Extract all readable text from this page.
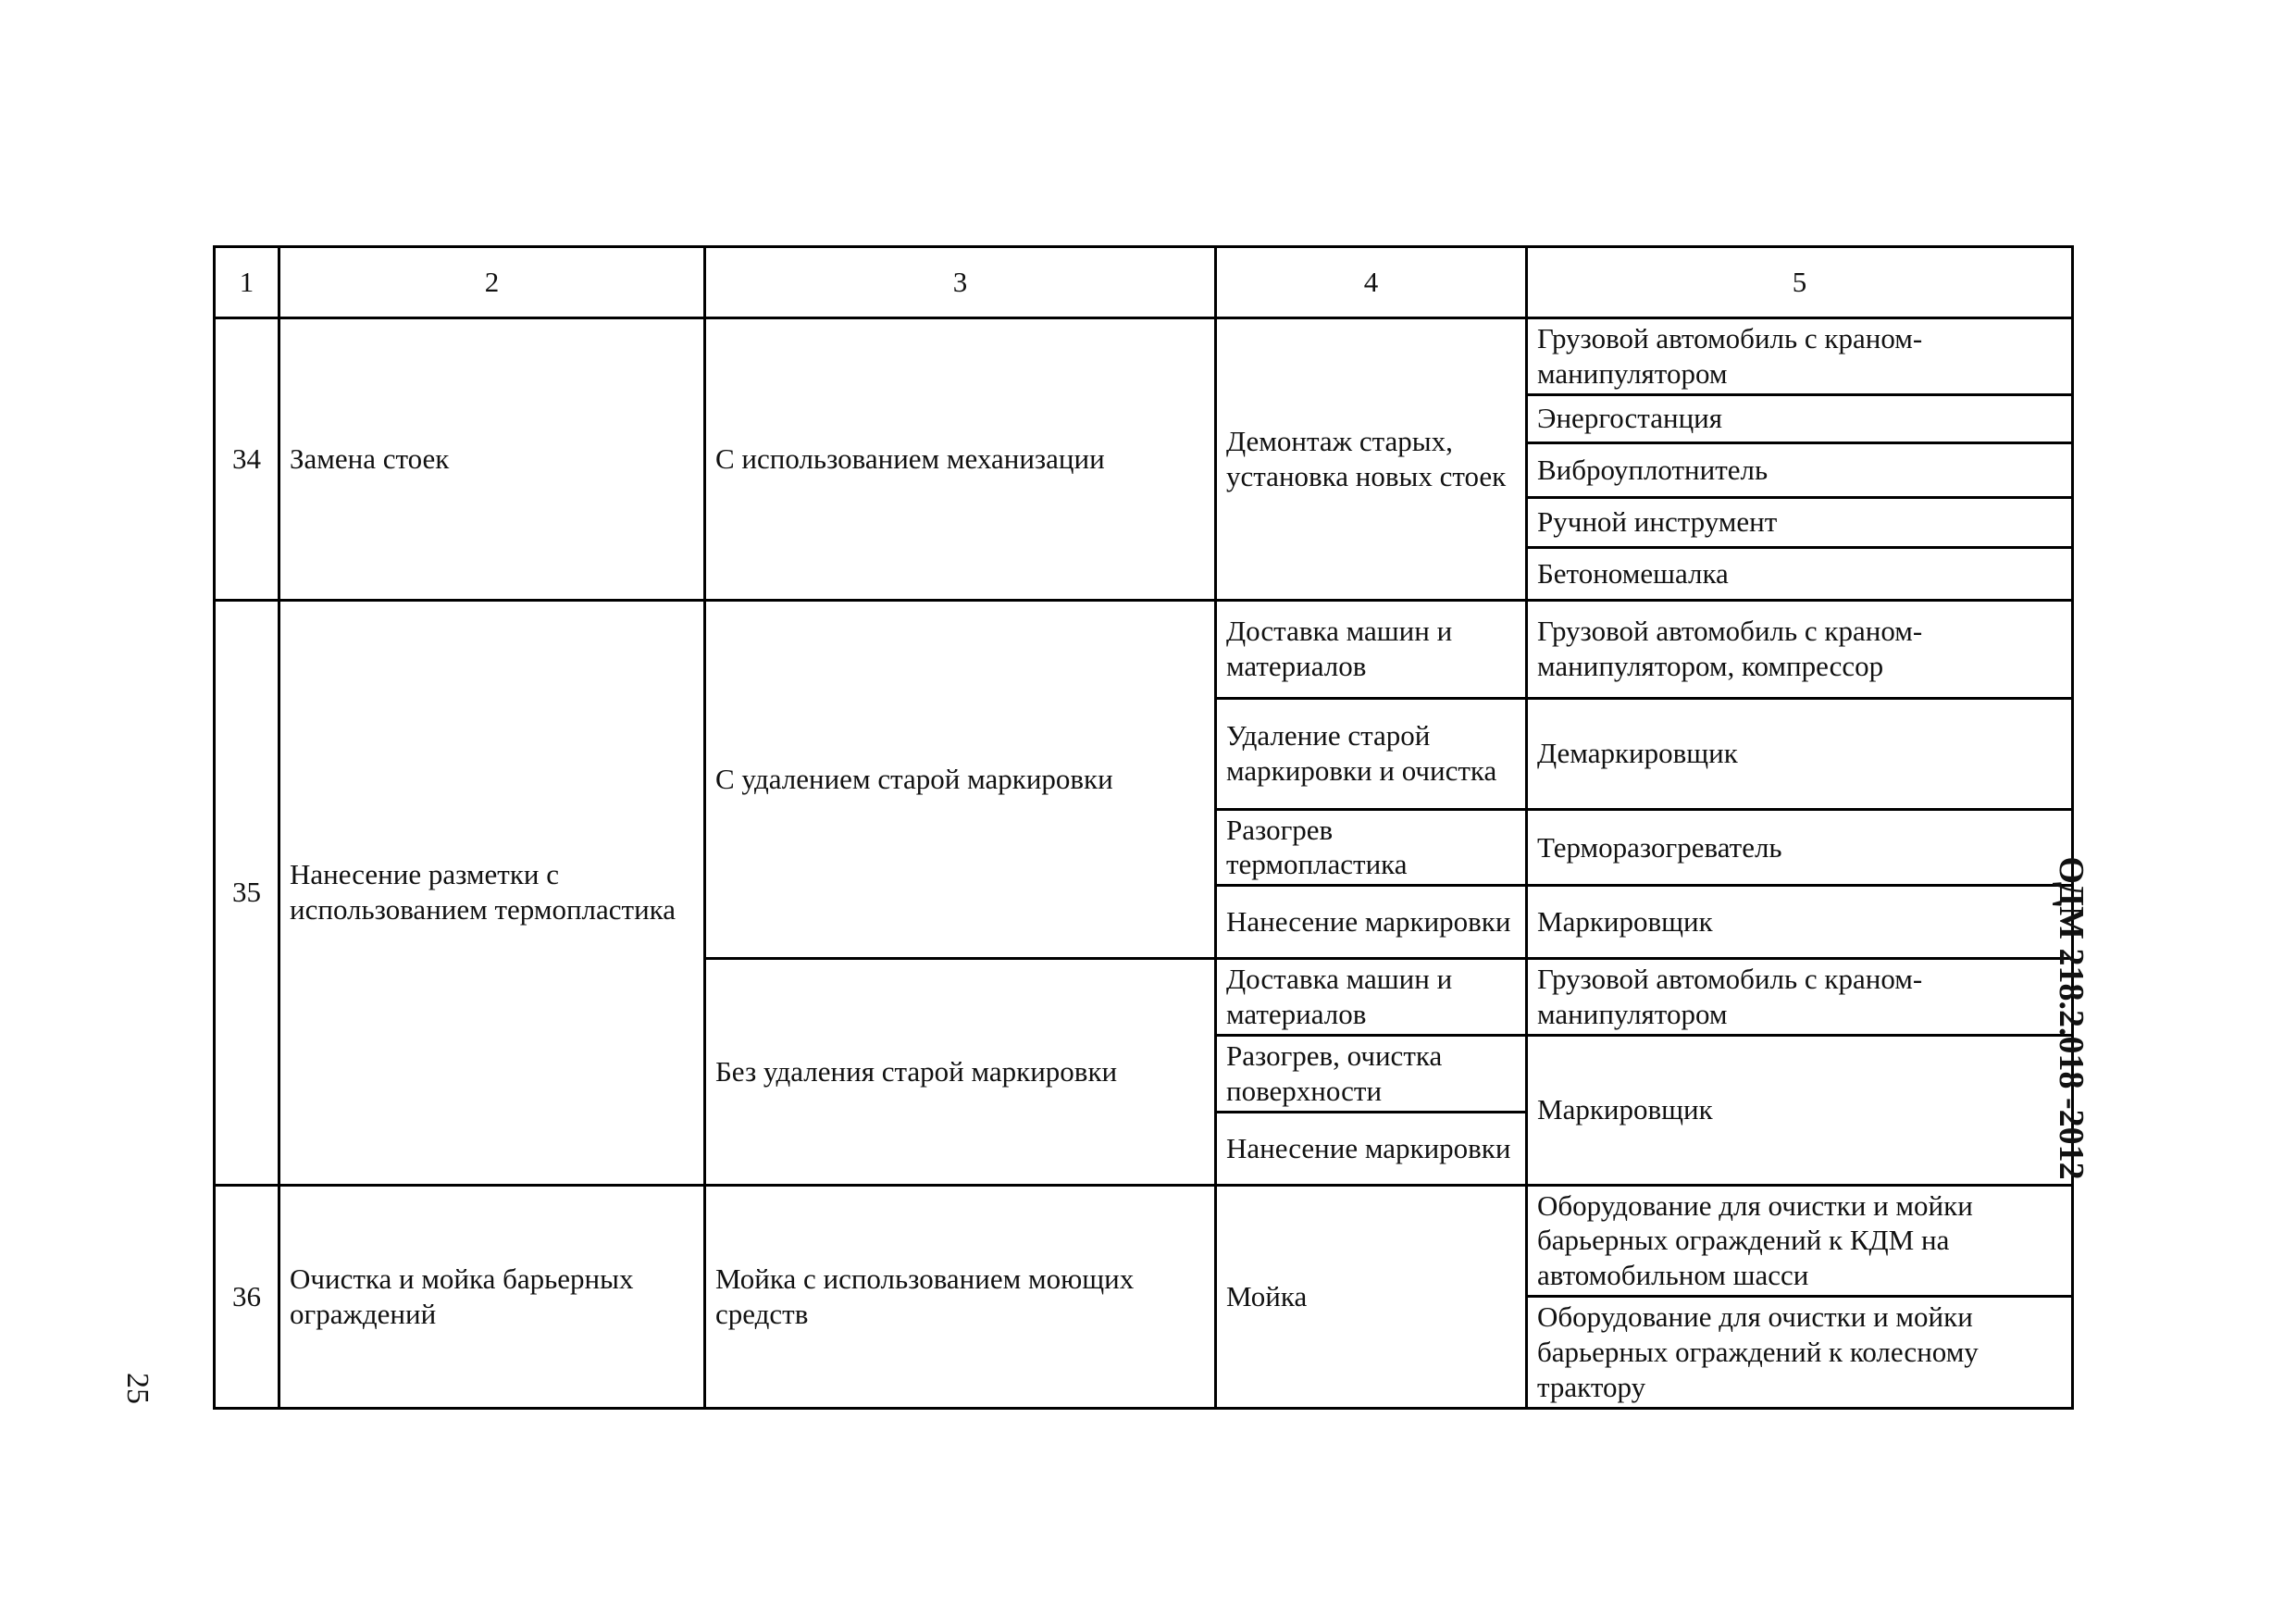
1	2	3	4	5
34	Замена стоек	С использованием механизации	Демонтаж старых, установка новых стоек	Грузовой автомобиль с краном-манипулятором
				Энергостанция
				Виброуплотнитель
				Ручной инструмент
				Бетономешалка
35	Нанесение разметки с использованием термопластика	С удалением старой маркировки	Доставка машин и материалов	Грузовой автомобиль с краном-манипулятором, компрессор
			Удаление старой маркировки и очистка	Демаркировщик
			Разогрев термопластика	Терморазогреватель
			Нанесение маркировки	Маркировщик
		Без удаления старой маркировки	Доставка машин и материалов	Грузовой автомобиль с краном-манипулятором
			Разогрев, очистка поверхности	Маркировщик
			Нанесение маркировки	
36	Очистка и мойка барьерных ограждений	Мойка с использованием моющих средств	Мойка	Оборудование для очистки и мойки барьерных ограждений к КДМ на автомобильном шасси
				Оборудование для очистки и мойки барьерных ограждений к колесному трактору
ОДМ 218.2.018 -2012
25
